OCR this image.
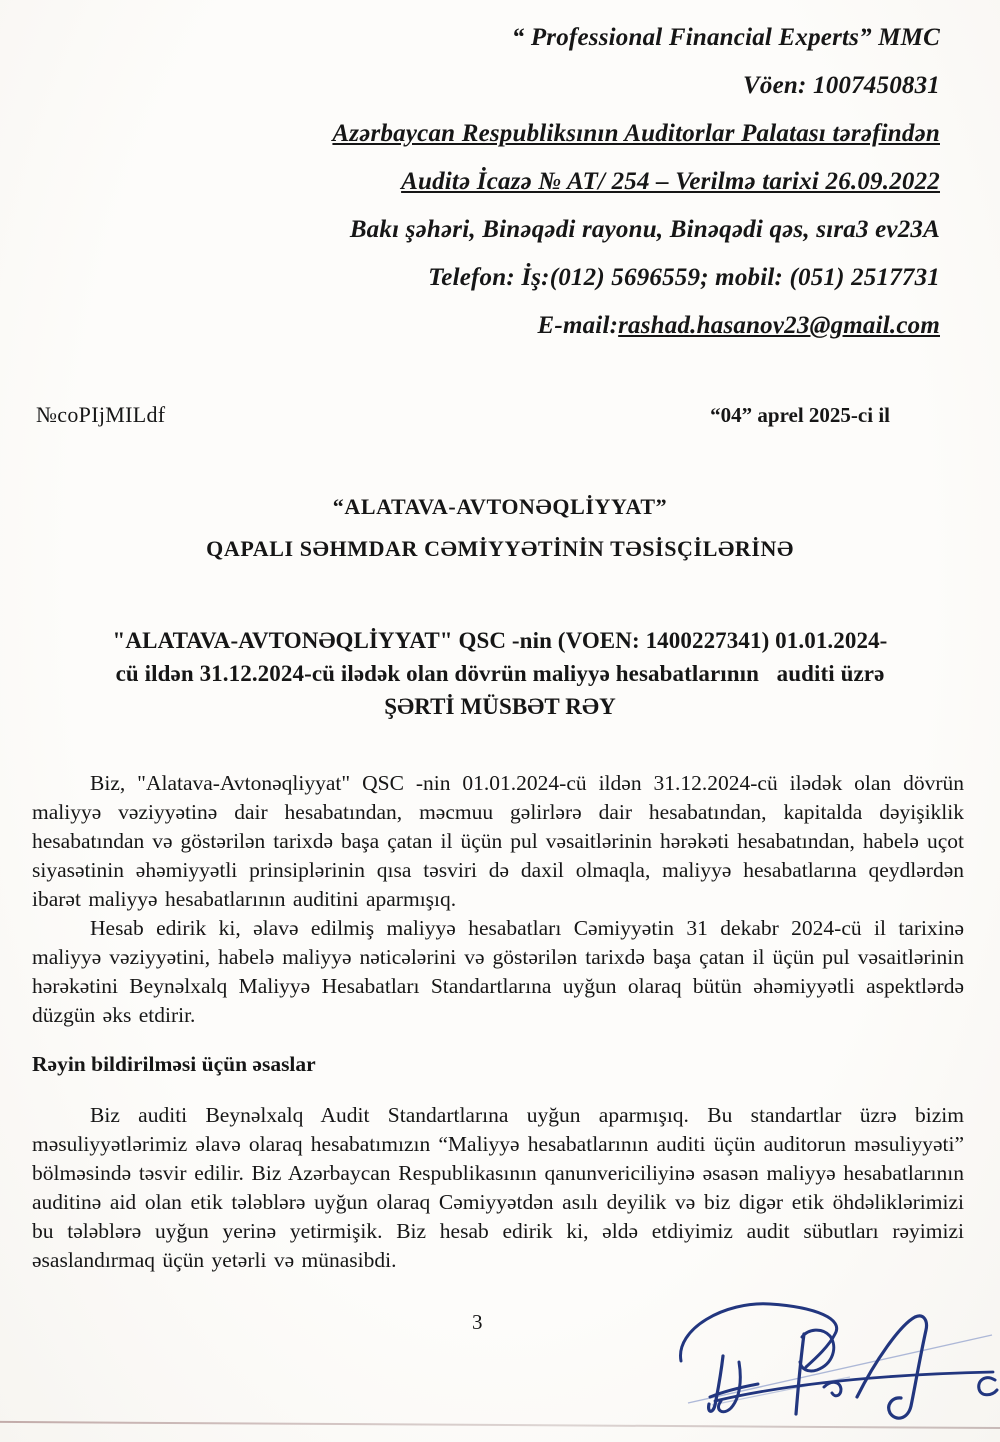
“ Professional Financial Experts” MMC
Vöen: 1007450831
Azərbaycan Respubliksının Auditorlar Palatası tərəfindən
Auditə İcazə № AT/ 254 – Verilmə tarixi 26.09.2022
Bakı şəhəri, Binəqədi rayonu, Binəqədi qəs, sıra3 ev23A
Telefon: İş:(012) 5696559; mobil: (051) 2517731
E-mail:rashad.hasanov23@gmail.com
№coPIjMILdf	“04” aprel 2025-ci il
“ALATAVA-AVTONƏQLİYYAT”
QAPALI SƏHMDAR CƏMİYYƏTİNİN TƏSİSÇİLƏRİNƏ
"ALATAVA-AVTONƏQLİYYAT" QSC -nin (VOEN: 1400227341) 01.01.2024-
cü ildən 31.12.2024-cü ilədək olan dövrün maliyyə hesabatlarının   auditi üzrə
ŞƏRTİ MÜSBƏT RƏY

Biz, "Alatava-Avtonəqliyyat" QSC -nin 01.01.2024-cü ildən 31.12.2024-cü ilədək olan dövrün maliyyə vəziyyətinə dair hesabatından, məcmuu gəlirlərə dair hesabatından, kapitalda dəyişiklik hesabatından və göstərilən tarixdə başa çatan il üçün pul vəsaitlərinin hərəkəti hesabatından, habelə uçot siyasətinin əhəmiyyətli prinsiplərinin qısa təsviri də daxil olmaqla, maliyyə hesabatlarına qeydlərdən ibarət maliyyə hesabatlarının auditini aparmışıq.

Hesab edirik ki, əlavə edilmiş maliyyə hesabatları Cəmiyyətin 31 dekabr 2024-cü il tarixinə maliyyə vəziyyətini, habelə maliyyə nəticələrini və göstərilən tarixdə başa çatan il üçün pul vəsaitlərinin hərəkətini Beynəlxalq Maliyyə Hesabatları Standartlarına uyğun olaraq bütün əhəmiyyətli aspektlərdə düzgün əks etdirir.

Rəyin bildirilməsi üçün əsaslar

Biz auditi Beynəlxalq Audit Standartlarına uyğun aparmışıq. Bu standartlar üzrə bizim məsuliyyətlərimiz əlavə olaraq hesabatımızın “Maliyyə hesabatlarının auditi üçün auditorun məsuliyyəti” bölməsində təsvir edilir. Biz Azərbaycan Respublikasının qanunvericiliyinə əsasən maliyyə hesabatlarının auditinə aid olan etik tələblərə uyğun olaraq Cəmiyyətdən asılı deyilik və biz digər etik öhdəliklərimizi bu tələblərə uyğun yerinə yetirmişik. Biz hesab edirik ki, əldə etdiyimiz audit sübutları rəyimizi əsaslandırmaq üçün yetərli və münasibdi.

3
